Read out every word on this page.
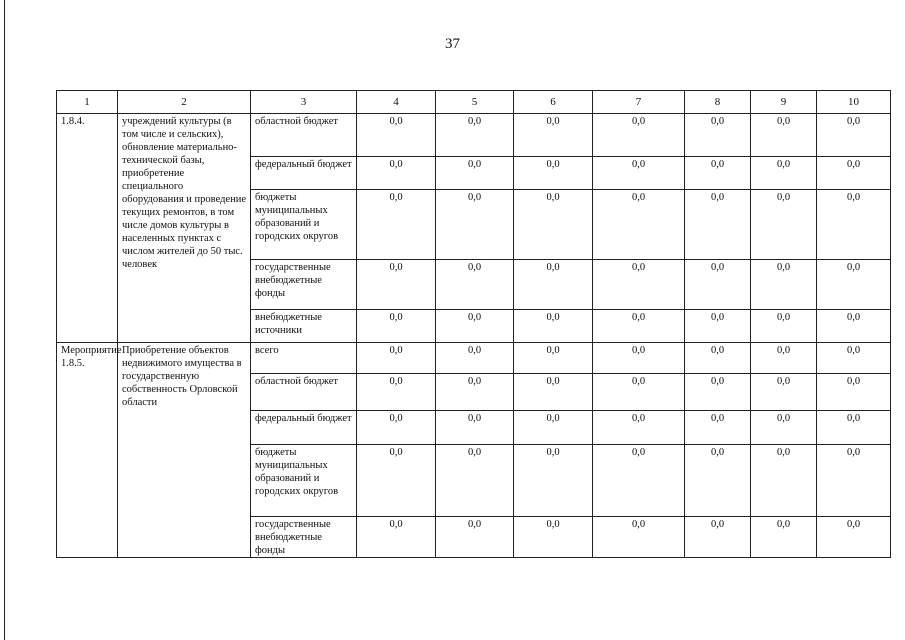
37
1	2	3	4	5	6	7	8	9	10
1.8.4.	учреждений культуры (в том числе и сельских), обновление материально-технической базы, приобретение специального оборудования и проведение текущих ремонтов, в том числе домов культуры в населенных пунктах с числом жителей до 50 тыс. человек	областной бюджет	0,0	0,0	0,0	0,0	0,0	0,0	0,0
		федеральный бюджет	0,0	0,0	0,0	0,0	0,0	0,0	0,0
		бюджеты муниципальных образований и городских округов	0,0	0,0	0,0	0,0	0,0	0,0	0,0
		государственные внебюджетные фонды	0,0	0,0	0,0	0,0	0,0	0,0	0,0
		внебюджетные источники	0,0	0,0	0,0	0,0	0,0	0,0	0,0
Мероприятие 1.8.5.	Приобретение объектов недвижимого имущества в государственную собственность Орловской области	всего	0,0	0,0	0,0	0,0	0,0	0,0	0,0
		областной бюджет	0,0	0,0	0,0	0,0	0,0	0,0	0,0
		федеральный бюджет	0,0	0,0	0,0	0,0	0,0	0,0	0,0
		бюджеты муниципальных образований и городских округов	0,0	0,0	0,0	0,0	0,0	0,0	0,0
		государственные внебюджетные фонды	0,0	0,0	0,0	0,0	0,0	0,0	0,0
